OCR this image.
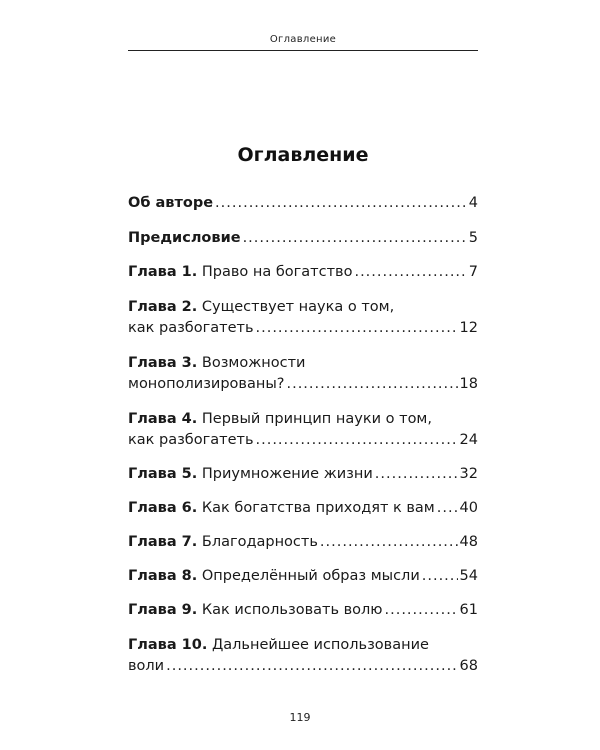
Оглавление
Оглавление
Об автоpe .....	4
Предисловие .....	5
Глава 1.
Право на богатство .....	7
Глава 2.
Существует наука о том,
как разбогатеть .....	12
Глава 3.
Возможности
монополизированы? .....	18
Глава 4.
Первый принцип науки о том,
как разбогатеть .....	24
Глава 5.
Приумножение жизни .....	32
Глава 6.
Как богатства приходят к вам ..... 40
Глава 7.
Благодарность .....	48
Глава 8.
Определённый образ мысли .....	54
Глава 9.
Как использовать волю .....	61
Глава 10.
Дальнейшее использование
воли .....	68
119
